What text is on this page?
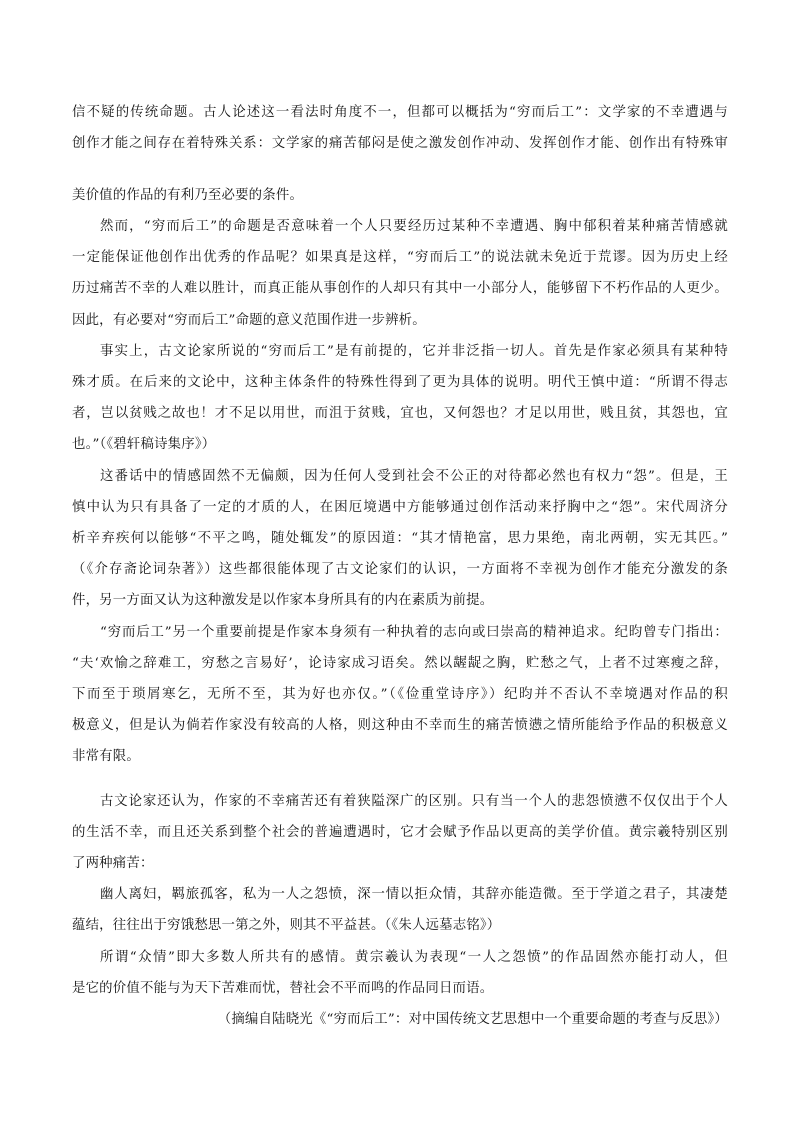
信不疑的传统命题。古人论述这一看法时角度不一，但都可以概括为“穷而后工”：文学家的不幸遭遇与
创作才能之间存在着特殊关系：文学家的痛苦郁闷是使之激发创作冲动、发挥创作才能、创作出有特殊审
美价值的作品的有利乃至必要的条件。
然而，“穷而后工”的命题是否意味着一个人只要经历过某种不幸遭遇、胸中郁积着某种痛苦情感就
一定能保证他创作出优秀的作品呢？如果真是这样，“穷而后工”的说法就未免近于荒谬。因为历史上经
历过痛苦不幸的人难以胜计，而真正能从事创作的人却只有其中一小部分人，能够留下不朽作品的人更少。
因此，有必要对“穷而后工”命题的意义范围作进一步辨析。
事实上，古文论家所说的“穷而后工”是有前提的，它并非泛指一切人。首先是作家必须具有某种特
殊才质。在后来的文论中，这种主体条件的特殊性得到了更为具体的说明。明代王慎中道：“所谓不得志
者，岂以贫贱之故也！才不足以用世，而沮于贫贱，宜也，又何怨也？才足以用世，贱且贫，其怨也，宜
也。”（《碧轩稿诗集序》）
这番话中的情感固然不无偏颇，因为任何人受到社会不公正的对待都必然也有权力“怨”。但是，王
慎中认为只有具备了一定的才质的人，在困厄境遇中方能够通过创作活动来抒胸中之“怨”。宋代周济分
析辛弃疾何以能够“不平之鸣，随处辄发”的原因道：“其才情艳富，思力果绝，南北两朝，实无其匹。”
（《介存斋论词杂著》）这些都很能体现了古文论家们的认识，一方面将不幸视为创作才能充分激发的条
件，另一方面又认为这种激发是以作家本身所具有的内在素质为前提。
“穷而后工”另一个重要前提是作家本身须有一种执着的志向或曰崇高的精神追求。纪昀曾专门指出：
“夫‘欢愉之辞难工，穷愁之言易好’，论诗家成习语矣。然以龌龊之胸，贮愁之气，上者不过寒瘦之辞，
下而至于琐屑寒乞，无所不至，其为好也亦仅。”（《俭重堂诗序》）纪昀并不否认不幸境遇对作品的积
极意义，但是认为倘若作家没有较高的人格，则这种由不幸而生的痛苦愤懑之情所能给予作品的积极意义
非常有限。
古文论家还认为，作家的不幸痛苦还有着狭隘深广的区别。只有当一个人的悲怨愤懑不仅仅出于个人
的生活不幸，而且还关系到整个社会的普遍遭遇时，它才会赋予作品以更高的美学价值。黄宗羲特别区别
了两种痛苦：
幽人离妇，羁旅孤客，私为一人之怨愤，深一情以拒众情，其辞亦能造微。至于学道之君子，其凄楚
蕴结，往往出于穷饿愁思一第之外，则其不平益甚。（《朱人远墓志铭》）
所谓“众情”即大多数人所共有的感情。黄宗羲认为表现“一人之怨愤”的作品固然亦能打动人，但
是它的价值不能与为天下苦难而忧，替社会不平而鸣的作品同日而语。
（摘编自陆晓光《“穷而后工”：对中国传统文艺思想中一个重要命题的考查与反思》）
